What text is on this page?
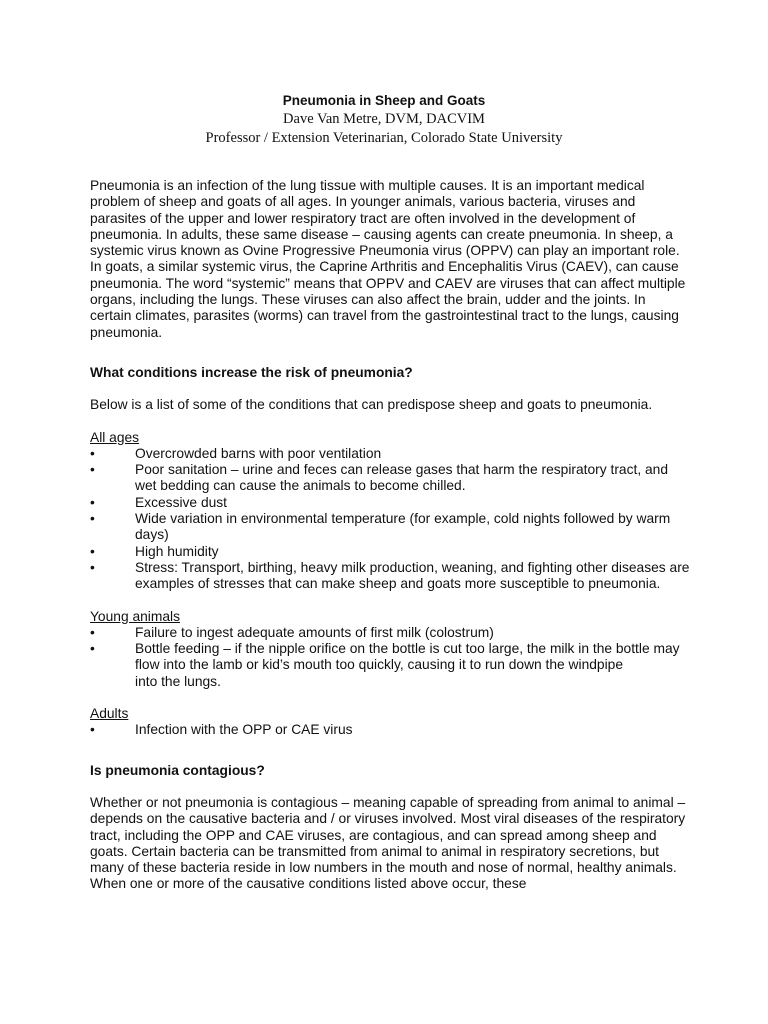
Pneumonia in Sheep and Goats
Dave Van Metre, DVM, DACVIM
Professor / Extension Veterinarian, Colorado State University

Pneumonia is an infection of the lung tissue with multiple causes. It is an important medical problem of sheep and goats of all ages. In younger animals, various bacteria, viruses and parasites of the upper and lower respiratory tract are often involved in the development of pneumonia. In adults, these same disease – causing agents can create pneumonia. In sheep, a systemic virus known as Ovine Progressive Pneumonia virus (OPPV) can play an important role. In goats, a similar systemic virus, the Caprine Arthritis and Encephalitis Virus (CAEV), can cause pneumonia. The word “systemic” means that OPPV and CAEV are viruses that can affect multiple organs, including the lungs. These viruses can also affect the brain, udder and the joints. In certain climates, parasites (worms) can travel from the gastrointestinal tract to the lungs, causing pneumonia.

What conditions increase the risk of pneumonia?

Below is a list of some of the conditions that can predispose sheep and goats to pneumonia.

All ages

•	Overcrowded barns with poor ventilation
•	Poor sanitation – urine and feces can release gases that harm the respiratory tract, and wet bedding can cause the animals to become chilled.
•	Excessive dust
•	Wide variation in environmental temperature (for example, cold nights followed by warm days)
•	High humidity
•	Stress: Transport, birthing, heavy milk production, weaning, and fighting other diseases are examples of stresses that can make sheep and goats more susceptible to pneumonia.

Young animals

•	Failure to ingest adequate amounts of first milk (colostrum)
•	Bottle feeding – if the nipple orifice on the bottle is cut too large, the milk in the bottle may flow into the lamb or kid’s mouth too quickly, causing it to run down the windpipe

into the lungs.

Adults

•	Infection with the OPP or CAE virus

Is pneumonia contagious?

Whether or not pneumonia is contagious – meaning capable of spreading from animal to animal – depends on the causative bacteria and / or viruses involved. Most viral diseases of the respiratory tract, including the OPP and CAE viruses, are contagious, and can spread among sheep and goats. Certain bacteria can be transmitted from animal to animal in respiratory secretions, but many of these bacteria reside in low numbers in the mouth and nose of normal, healthy animals. When one or more of the causative conditions listed above occur, these
